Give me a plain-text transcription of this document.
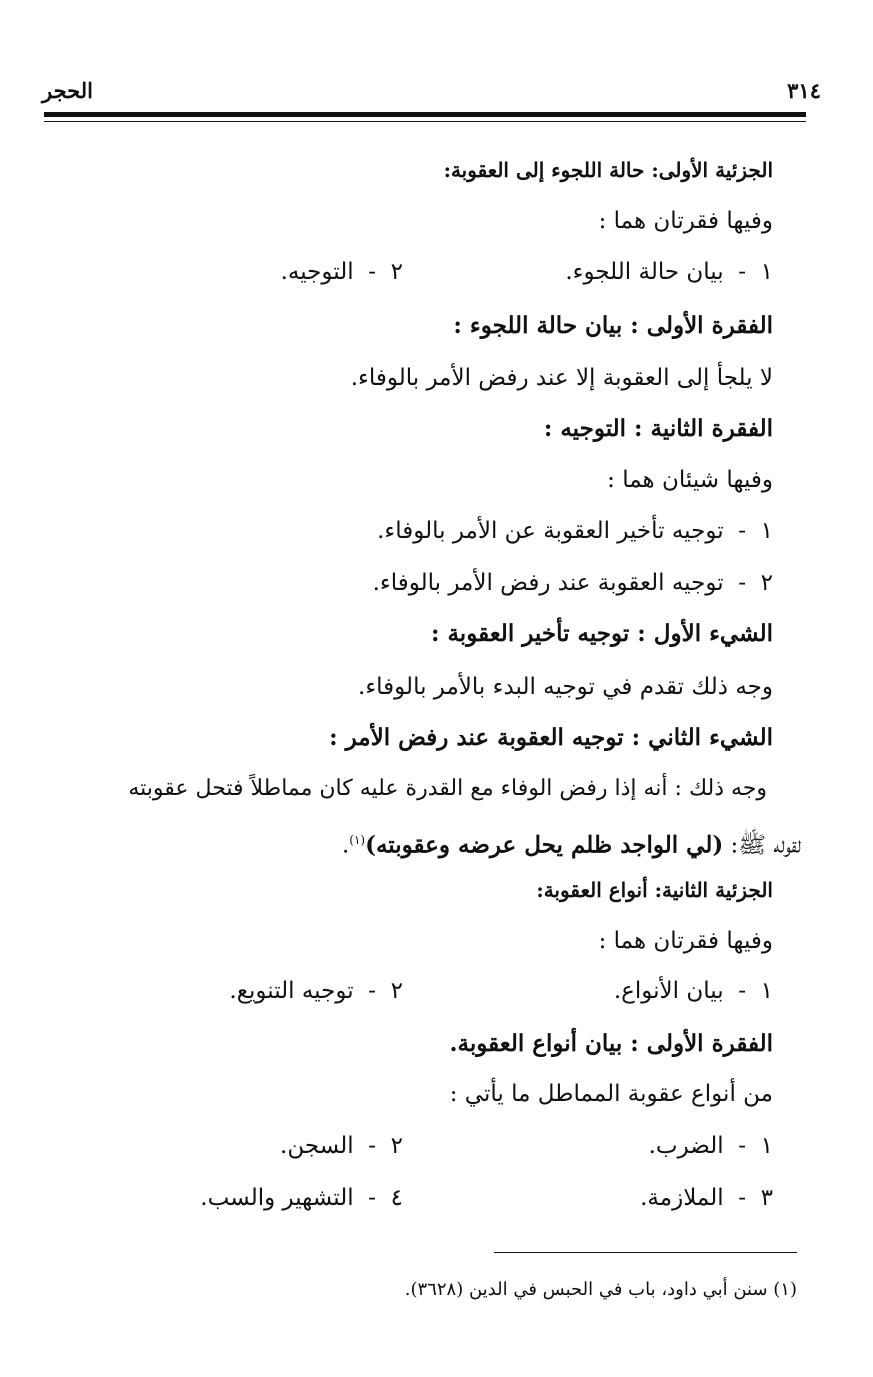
٣١٤
الحجر
الجزئية الأولى: حالة اللجوء إلى العقوبة:
وفيها فقرتان هما :
١  -  بيان حالة اللجوء.
٢  -  التوجيه.
الفقرة الأولى : بيان حالة اللجوء :
لا يلجأ إلى العقوبة إلا عند رفض الأمر بالوفاء.
الفقرة الثانية : التوجيه :
وفيها شيئان هما :
١  -  توجيه تأخير العقوبة عن الأمر بالوفاء.
٢  -  توجيه العقوبة عند رفض الأمر بالوفاء.
الشيء الأول : توجيه تأخير العقوبة :
وجه ذلك تقدم في توجيه البدء بالأمر بالوفاء.
الشيء الثاني : توجيه العقوبة عند رفض الأمر :
وجه ذلك : أنه إذا رفض الوفاء مع القدرة عليه كان مماطلاً فتحل عقوبته
لقوله ﷺ: (لي الواجد ظلم يحل عرضه وعقوبته)$^{(١)}$.
الجزئية الثانية: أنواع العقوبة:
وفيها فقرتان هما :
١  -  بيان الأنواع.
٢  -  توجيه التنويع.
الفقرة الأولى : بيان أنواع العقوبة.
من أنواع عقوبة المماطل ما يأتي :
١  -  الضرب.
٢  -  السجن.
٣  -  الملازمة.
٤  -  التشهير والسب.
(١) سنن أبي داود، باب في الحبس في الدين (٣٦٢٨).
